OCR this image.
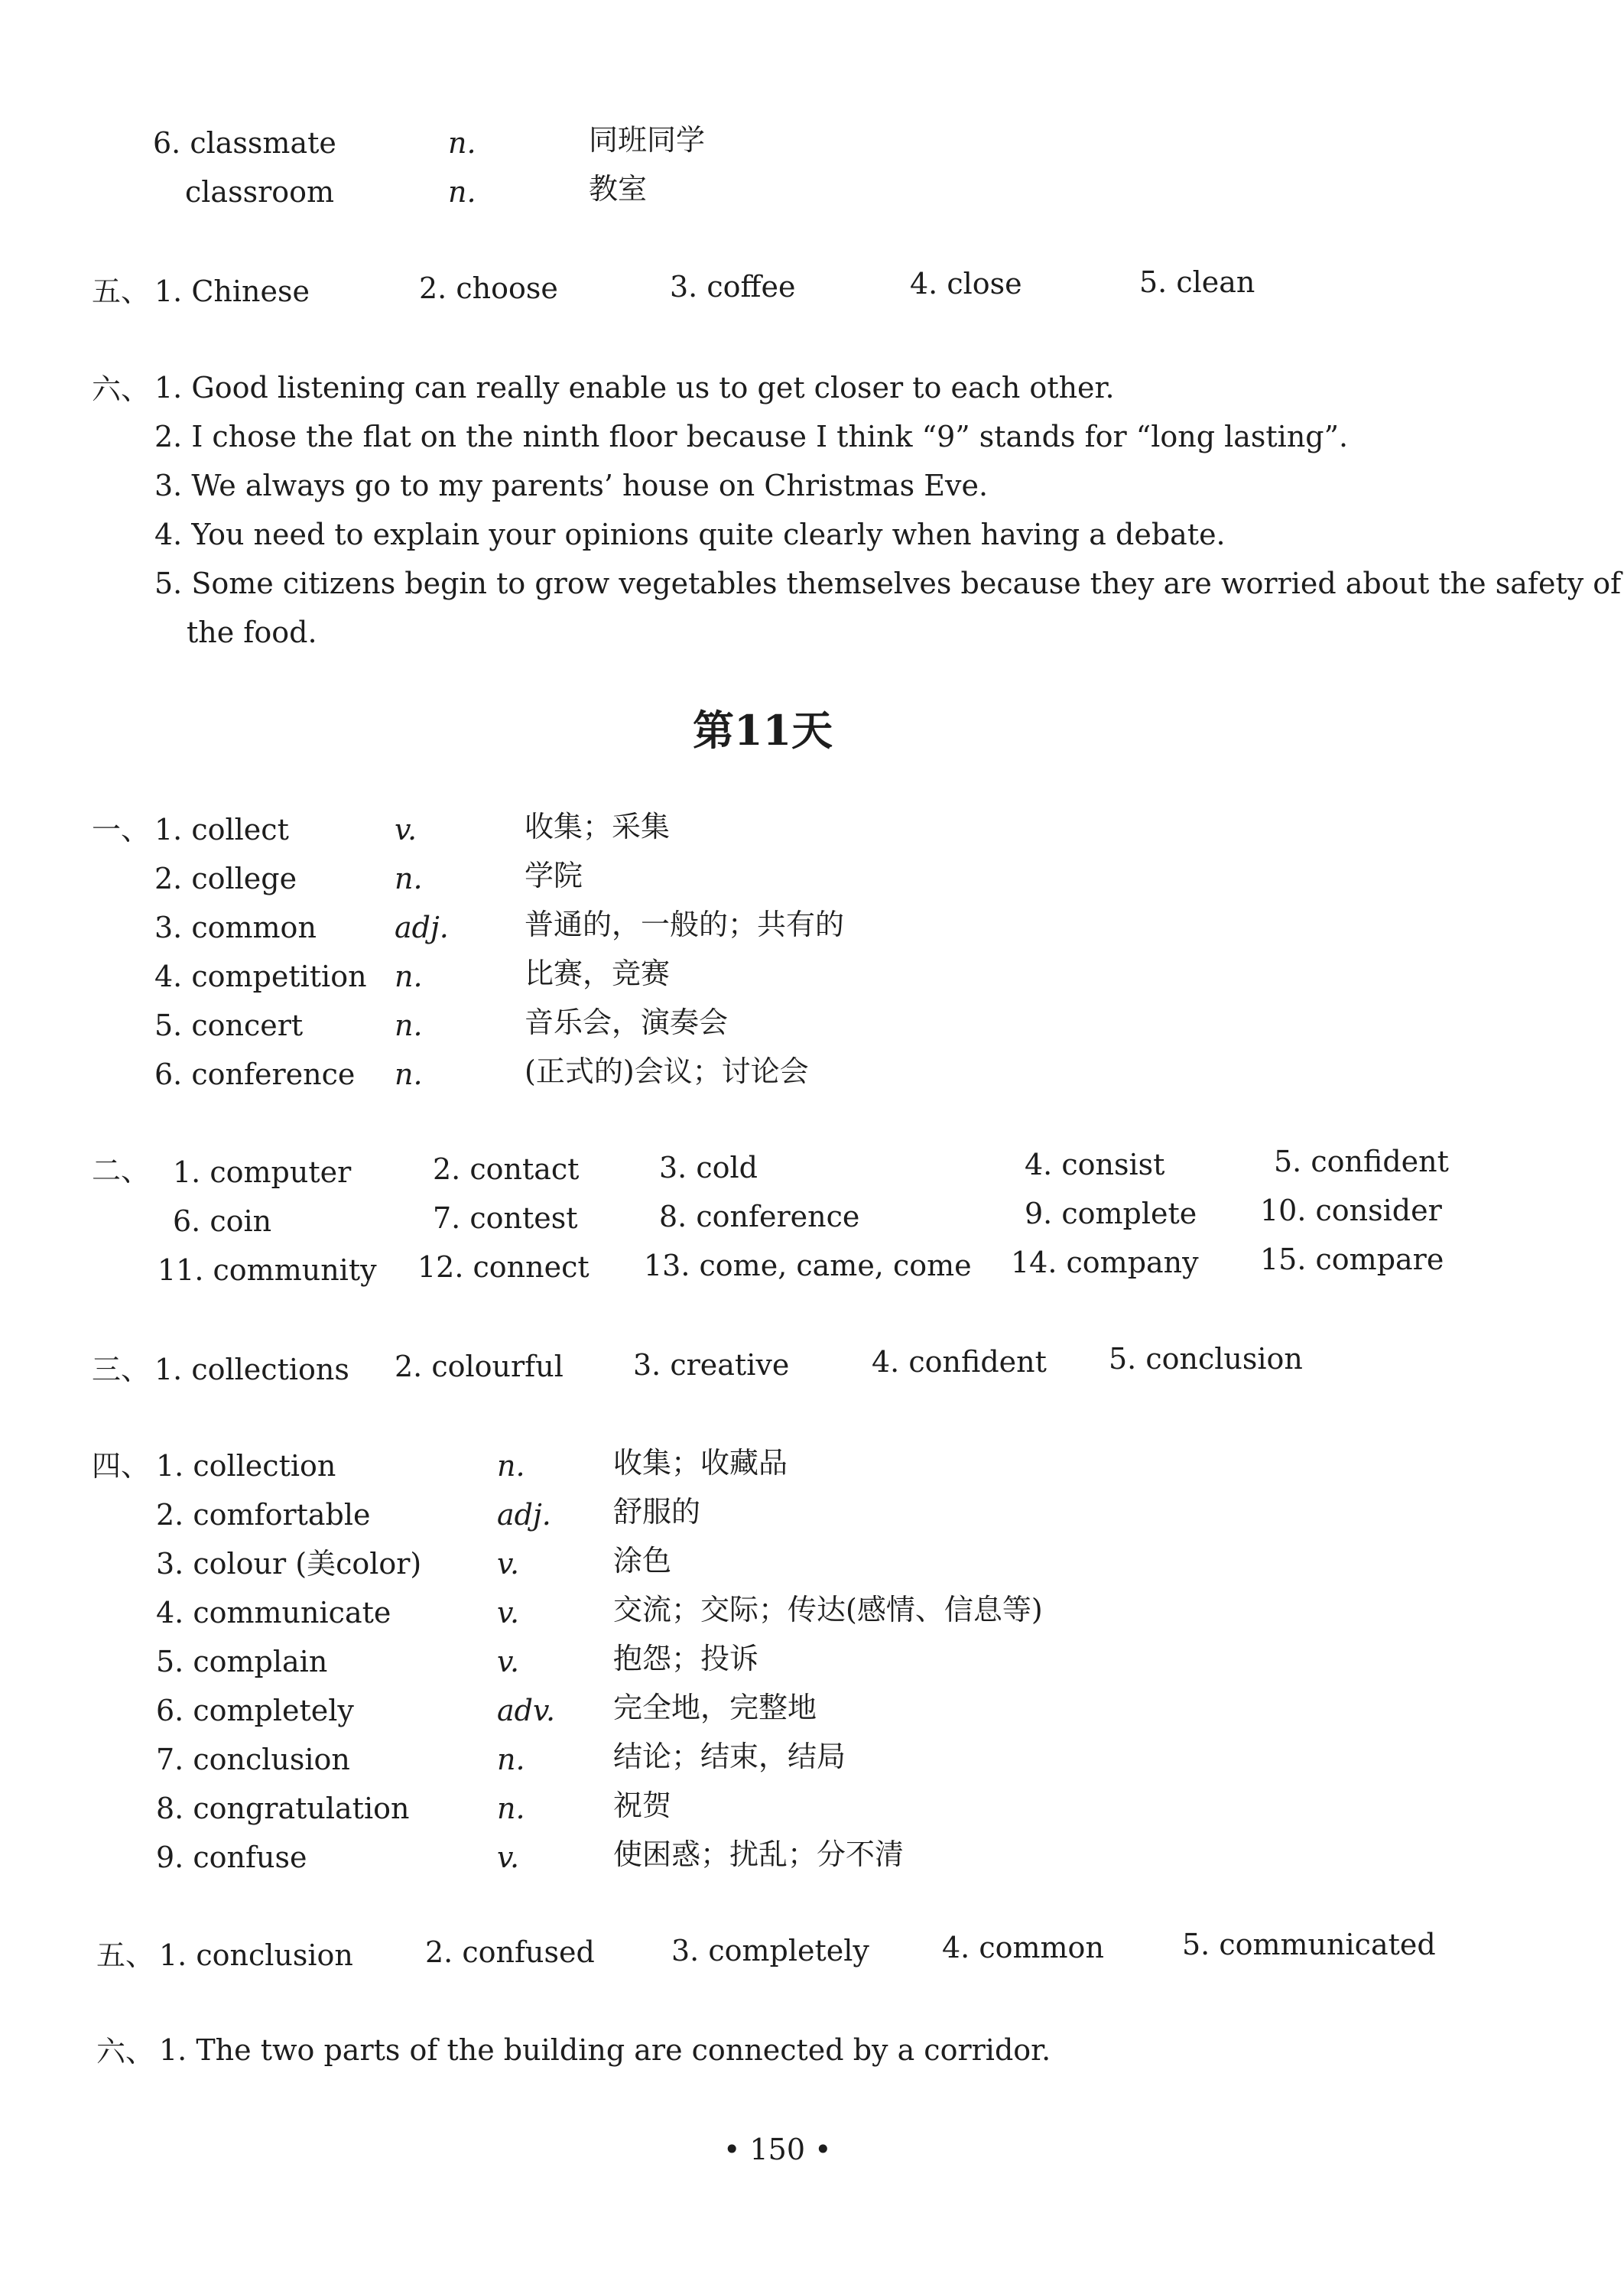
6. classmate	n.	同班同学
classroom	n.	教室
五、 1. Chinese	2. choose	3. coffee	4. close	5. clean
六、 1. Good listening can really enable us to get closer to each other.
2. I chose the flat on the ninth floor because I think “9” stands for “long lasting”.
3. We always go to my parents’ house on Christmas Eve.
4. You need to explain your opinions quite clearly when having a debate.
5. Some citizens begin to grow vegetables themselves because they are worried about the safety of
the food.
第11天
一、 1. collect	v.	收集；采集
2. college	n.	学院
3. common	adj.	普通的，一般的；共有的
4. competition n.	比赛，竞赛
5. concert	n.	音乐会，演奏会
6. conference n.	(正式的)会议；讨论会
二、 1. computer	2. contact	3. cold	4. consist	5. confident
6. coin	7. contest	8. conference	9. complete 10. consider
11. community 12. connect 13. come, came, come 14. company 15. compare
三、 1. collections 2. colourful 3. creative	4. confident 5. conclusion
四、 1. collection	n.	收集；收藏品
2. comfortable	adj. 舒服的
3. colour (美color)	v.	涂色
4. communicate	v.	交流；交际；传达(感情、信息等)
5. complain	v.	抱怨；投诉
6. completely	adv. 完全地，完整地
7. conclusion	n.	结论；结束，结局
8. congratulation	n.	祝贺
9. confuse	v.	使困惑；扰乱；分不清
五、 1. conclusion 2. confused	3. completely	4. common	5. communicated
六、 1. The two parts of the building are connected by a corridor.
• 150 •
